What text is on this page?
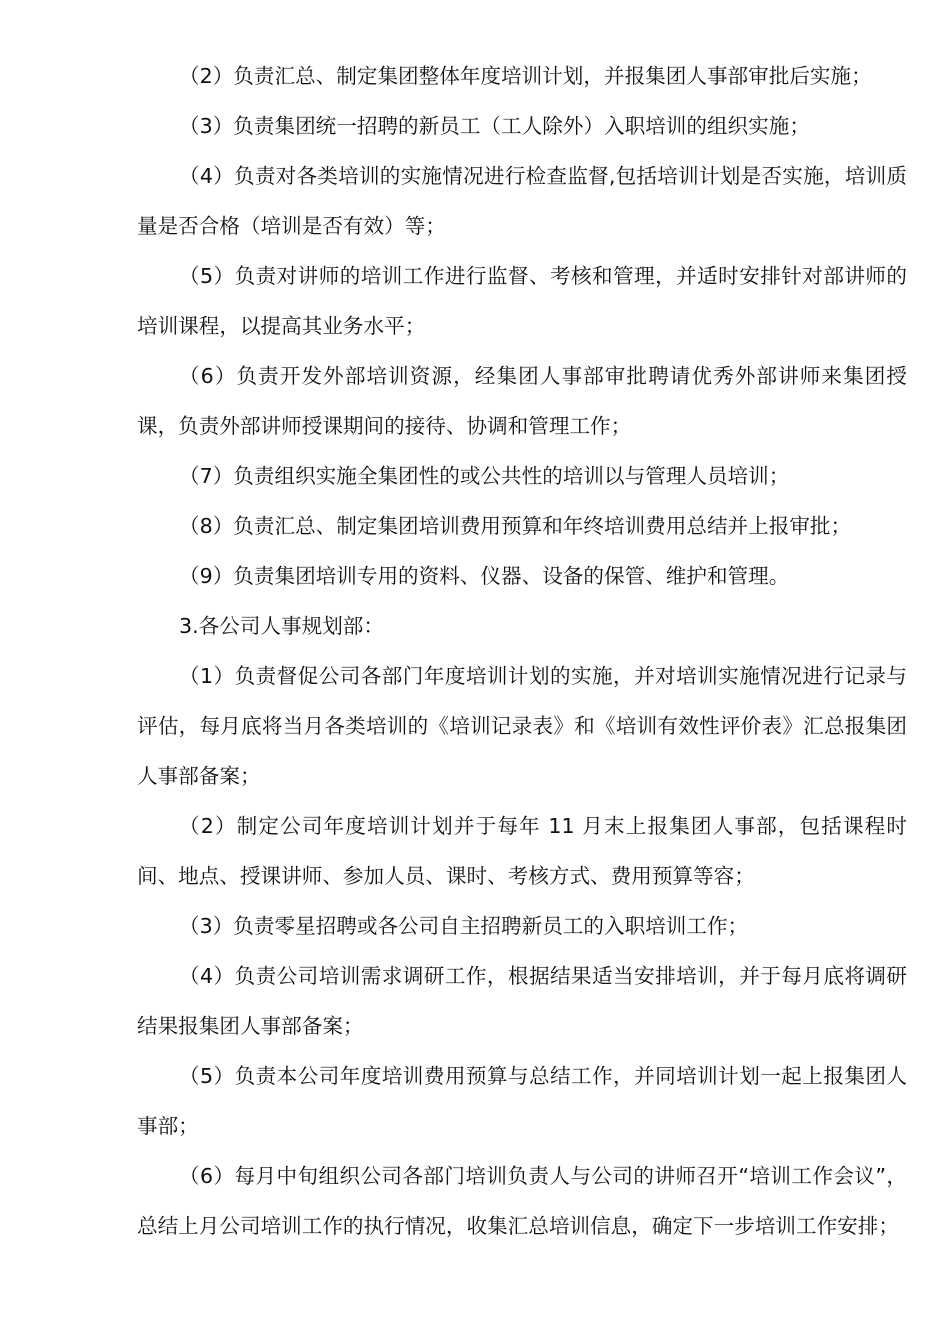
（2）负责汇总、制定集团整体年度培训计划，并报集团人事部审批后实施；

（3）负责集团统一招聘的新员工（工人除外）入职培训的组织实施；

（4）负责对各类培训的实施情况进行检查监督,包括培训计划是否实施，培训质量是否合格（培训是否有效）等；

（5）负责对讲师的培训工作进行监督、考核和管理，并适时安排针对部讲师的培训课程，以提高其业务水平；

（6）负责开发外部培训资源，经集团人事部审批聘请优秀外部讲师来集团授课，负责外部讲师授课期间的接待、协调和管理工作；

（7）负责组织实施全集团性的或公共性的培训以与管理人员培训；

（8）负责汇总、制定集团培训费用预算和年终培训费用总结并上报审批；

（9）负责集团培训专用的资料、仪器、设备的保管、维护和管理。

3.各公司人事规划部：

（1）负责督促公司各部门年度培训计划的实施，并对培训实施情况进行记录与评估，每月底将当月各类培训的《培训记录表》和《培训有效性评价表》汇总报集团人事部备案；

（2）制定公司年度培训计划并于每年 11 月末上报集团人事部，包括课程时间、地点、授课讲师、参加人员、课时、考核方式、费用预算等容；

（3）负责零星招聘或各公司自主招聘新员工的入职培训工作；

（4）负责公司培训需求调研工作，根据结果适当安排培训，并于每月底将调研结果报集团人事部备案；

（5）负责本公司年度培训费用预算与总结工作，并同培训计划一起上报集团人事部；

（6）每月中旬组织公司各部门培训负责人与公司的讲师召开“培训工作会议”，总结上月公司培训工作的执行情况，收集汇总培训信息，确定下一步培训工作安排；
